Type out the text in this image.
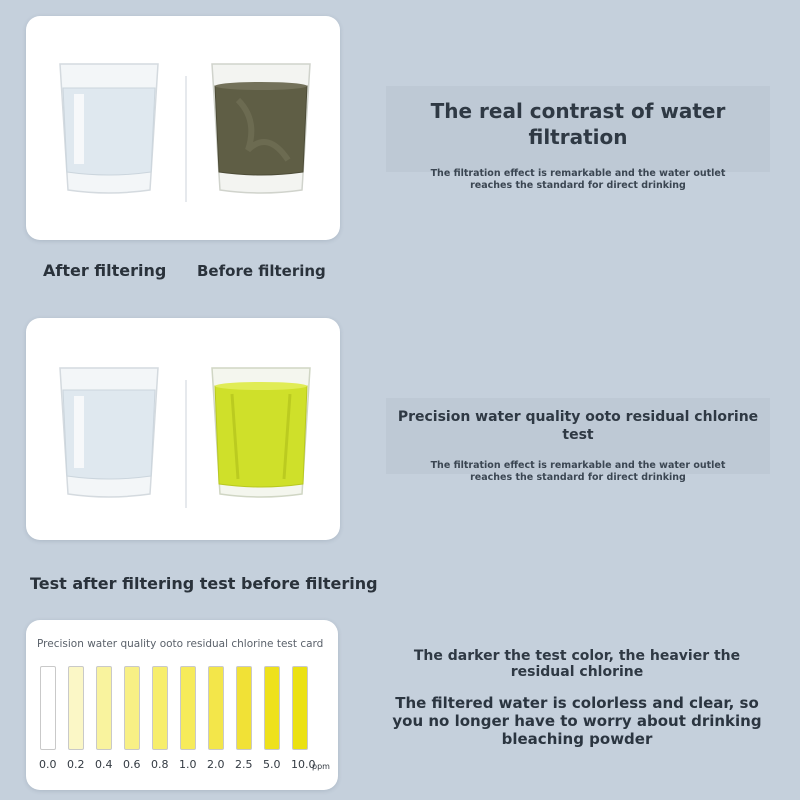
After filtering Before filtering
The real contrast of water filtration
The filtration effect is remarkable and the water outlet reaches the standard for direct drinking
Test after filtering test before filtering
Precision water quality ooto residual chlorine test
The filtration effect is remarkable and the water outlet reaches the standard for direct drinking
Precision water quality ooto residual chlorine test card
0.0 0.2 0.4 0.6 0.8 1.0 2.0 2.5 5.0 10.0
ppm
The darker the test color, the heavier the residual chlorine
The filtered water is colorless and clear, so you no longer have to worry about drinking bleaching powder
